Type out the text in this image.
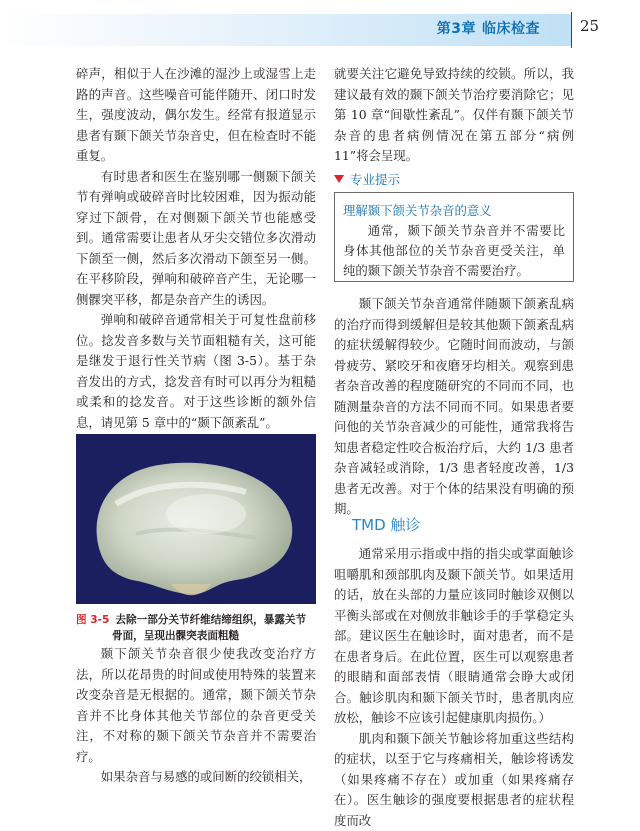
第3章 临床检查	25

碎声，相似于人在沙滩的湿沙上或湿雪上走路的声音。这些噪音可能伴随开、闭口时发生，强度波动，偶尔发生。经常有报道显示患者有颞下颌关节杂音史，但在检查时不能重复。

有时患者和医生在鉴别哪一侧颞下颌关节有弹响或破碎音时比较困难，因为振动能穿过下颌骨，在对侧颞下颌关节也能感受到。通常需要让患者从牙尖交错位多次滑动下颌至一侧，然后多次滑动下颌至另一侧。在平移阶段，弹响和破碎音产生，无论哪一侧髁突平移，都是杂音产生的诱因。

弹响和破碎音通常相关于可复性盘前移位。捻发音多数与关节面粗糙有关，这可能是继发于退行性关节病（图 3-5）。基于杂音发出的方式，捻发音有时可以再分为粗糙或柔和的捻发音。对于这些诊断的额外信息，请见第 5 章中的“颞下颌紊乱”。

图 3-5 去除一部分关节纤维结缔组织，暴露关节
骨面，呈现出髁突表面粗糙

颞下颌关节杂音很少使我改变治疗方法，所以花昂贵的时间或使用特殊的装置来改变杂音是无根据的。通常，颞下颌关节杂音并不比身体其他关节部位的杂音更受关注，不对称的颞下颌关节杂音并不需要治疗。

如果杂音与易感的或间断的绞锁相关，

就要关注它避免导致持续的绞锁。所以，我建议最有效的颞下颌关节治疗要消除它；见第 10 章“间歇性紊乱”。仅伴有颞下颌关节杂音的患者病例情况在第五部分“病例 11”将会呈现。

专业提示
理解颞下颌关节杂音的意义
通常，颞下颌关节杂音并不需要比身体其他部位的关节杂音更受关注，单纯的颞下颌关节杂音不需要治疗。

颞下颌关节杂音通常伴随颞下颌紊乱病的治疗而得到缓解但是较其他颞下颌紊乱病的症状缓解得较少。它随时间而波动，与颌骨疲劳、紧咬牙和夜磨牙均相关。观察到患者杂音改善的程度随研究的不同而不同，也随测量杂音的方法不同而不同。如果患者要问他的关节杂音减少的可能性，通常我将告知患者稳定性咬合板治疗后，大约 1/3 患者杂音减轻或消除，1/3 患者轻度改善，1/3 患者无改善。对于个体的结果没有明确的预期。

TMD 触诊

通常采用示指或中指的指尖或掌面触诊咀嚼肌和颈部肌肉及颞下颌关节。如果适用的话，放在头部的力量应该同时触诊双侧以平衡头部或在对侧放非触诊手的手掌稳定头部。建议医生在触诊时，面对患者，而不是在患者身后。在此位置，医生可以观察患者的眼睛和面部表情（眼睛通常会睁大或闭合。触诊肌肉和颞下颌关节时，患者肌肉应放松，触诊不应该引起健康肌肉损伤。）

肌肉和颞下颌关节触诊将加重这些结构的症状，以至于它与疼痛相关，触诊将诱发（如果疼痛不存在）或加重（如果疼痛存在）。医生触诊的强度要根据患者的症状程度而改
